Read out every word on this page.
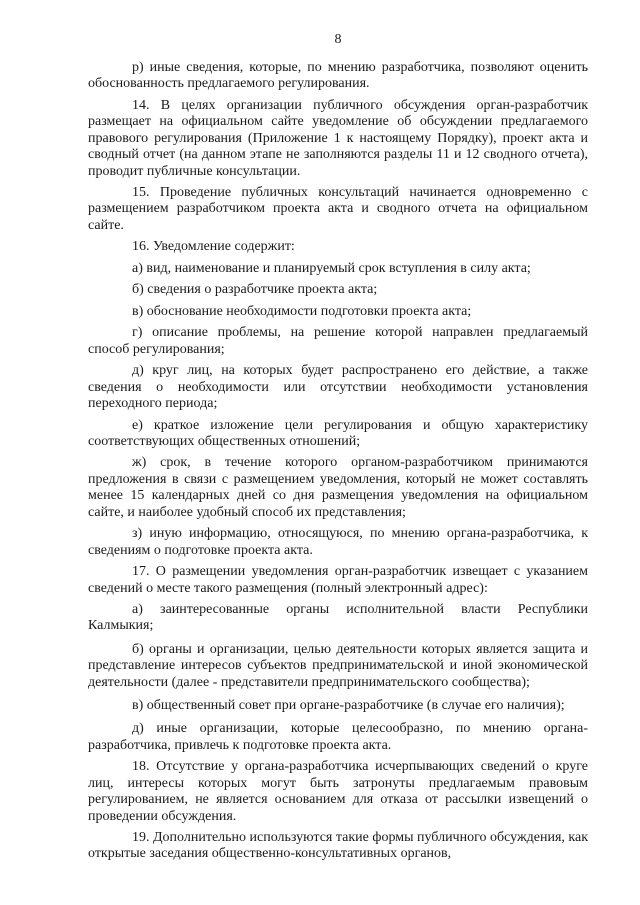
8

р) иные сведения, которые, по мнению разработчика, позволяют оценить обоснованность предлагаемого регулирования.

14. В целях организации публичного обсуждения орган-разработчик размещает на официальном сайте уведомление об обсуждении предлагаемого правового регулирования (Приложение 1 к настоящему Порядку), проект акта и сводный отчет (на данном этапе не заполняются разделы 11 и 12 сводного отчета), проводит публичные консультации.

15. Проведение публичных консультаций начинается одновременно с размещением разработчиком проекта акта и сводного отчета на официальном сайте.

16. Уведомление содержит:

а) вид, наименование и планируемый срок вступления в силу акта;

б) сведения о разработчике проекта акта;

в) обоснование необходимости подготовки проекта акта;

г) описание проблемы, на решение которой направлен предлагаемый способ регулирования;

д) круг лиц, на которых будет распространено его действие, а также сведения о необходимости или отсутствии необходимости установления переходного периода;

е) краткое изложение цели регулирования и общую характеристику соответствующих общественных отношений;

ж) срок, в течение которого органом-разработчиком принимаются предложения в связи с размещением уведомления, который не может составлять менее 15 календарных дней со дня размещения уведомления на официальном сайте, и наиболее удобный способ их представления;

з) иную информацию, относящуюся, по мнению органа-разработчика, к сведениям о подготовке проекта акта.

17. О размещении уведомления орган-разработчик извещает с указанием сведений о месте такого размещения (полный электронный адрес):

а) заинтересованные органы исполнительной власти Республики Калмыкия;

б) органы и организации, целью деятельности которых является защита и представление интересов субъектов предпринимательской и иной экономической деятельности (далее - представители предпринимательского сообщества);

в) общественный совет при органе-разработчике (в случае его наличия);

д) иные организации, которые целесообразно, по мнению органа-разработчика, привлечь к подготовке проекта акта.

18. Отсутствие у органа-разработчика исчерпывающих сведений о круге лиц, интересы которых могут быть затронуты предлагаемым правовым регулированием, не является основанием для отказа от рассылки извещений о проведении обсуждения.

19. Дополнительно используются такие формы публичного обсуждения, как открытые заседания общественно-консультативных органов,
